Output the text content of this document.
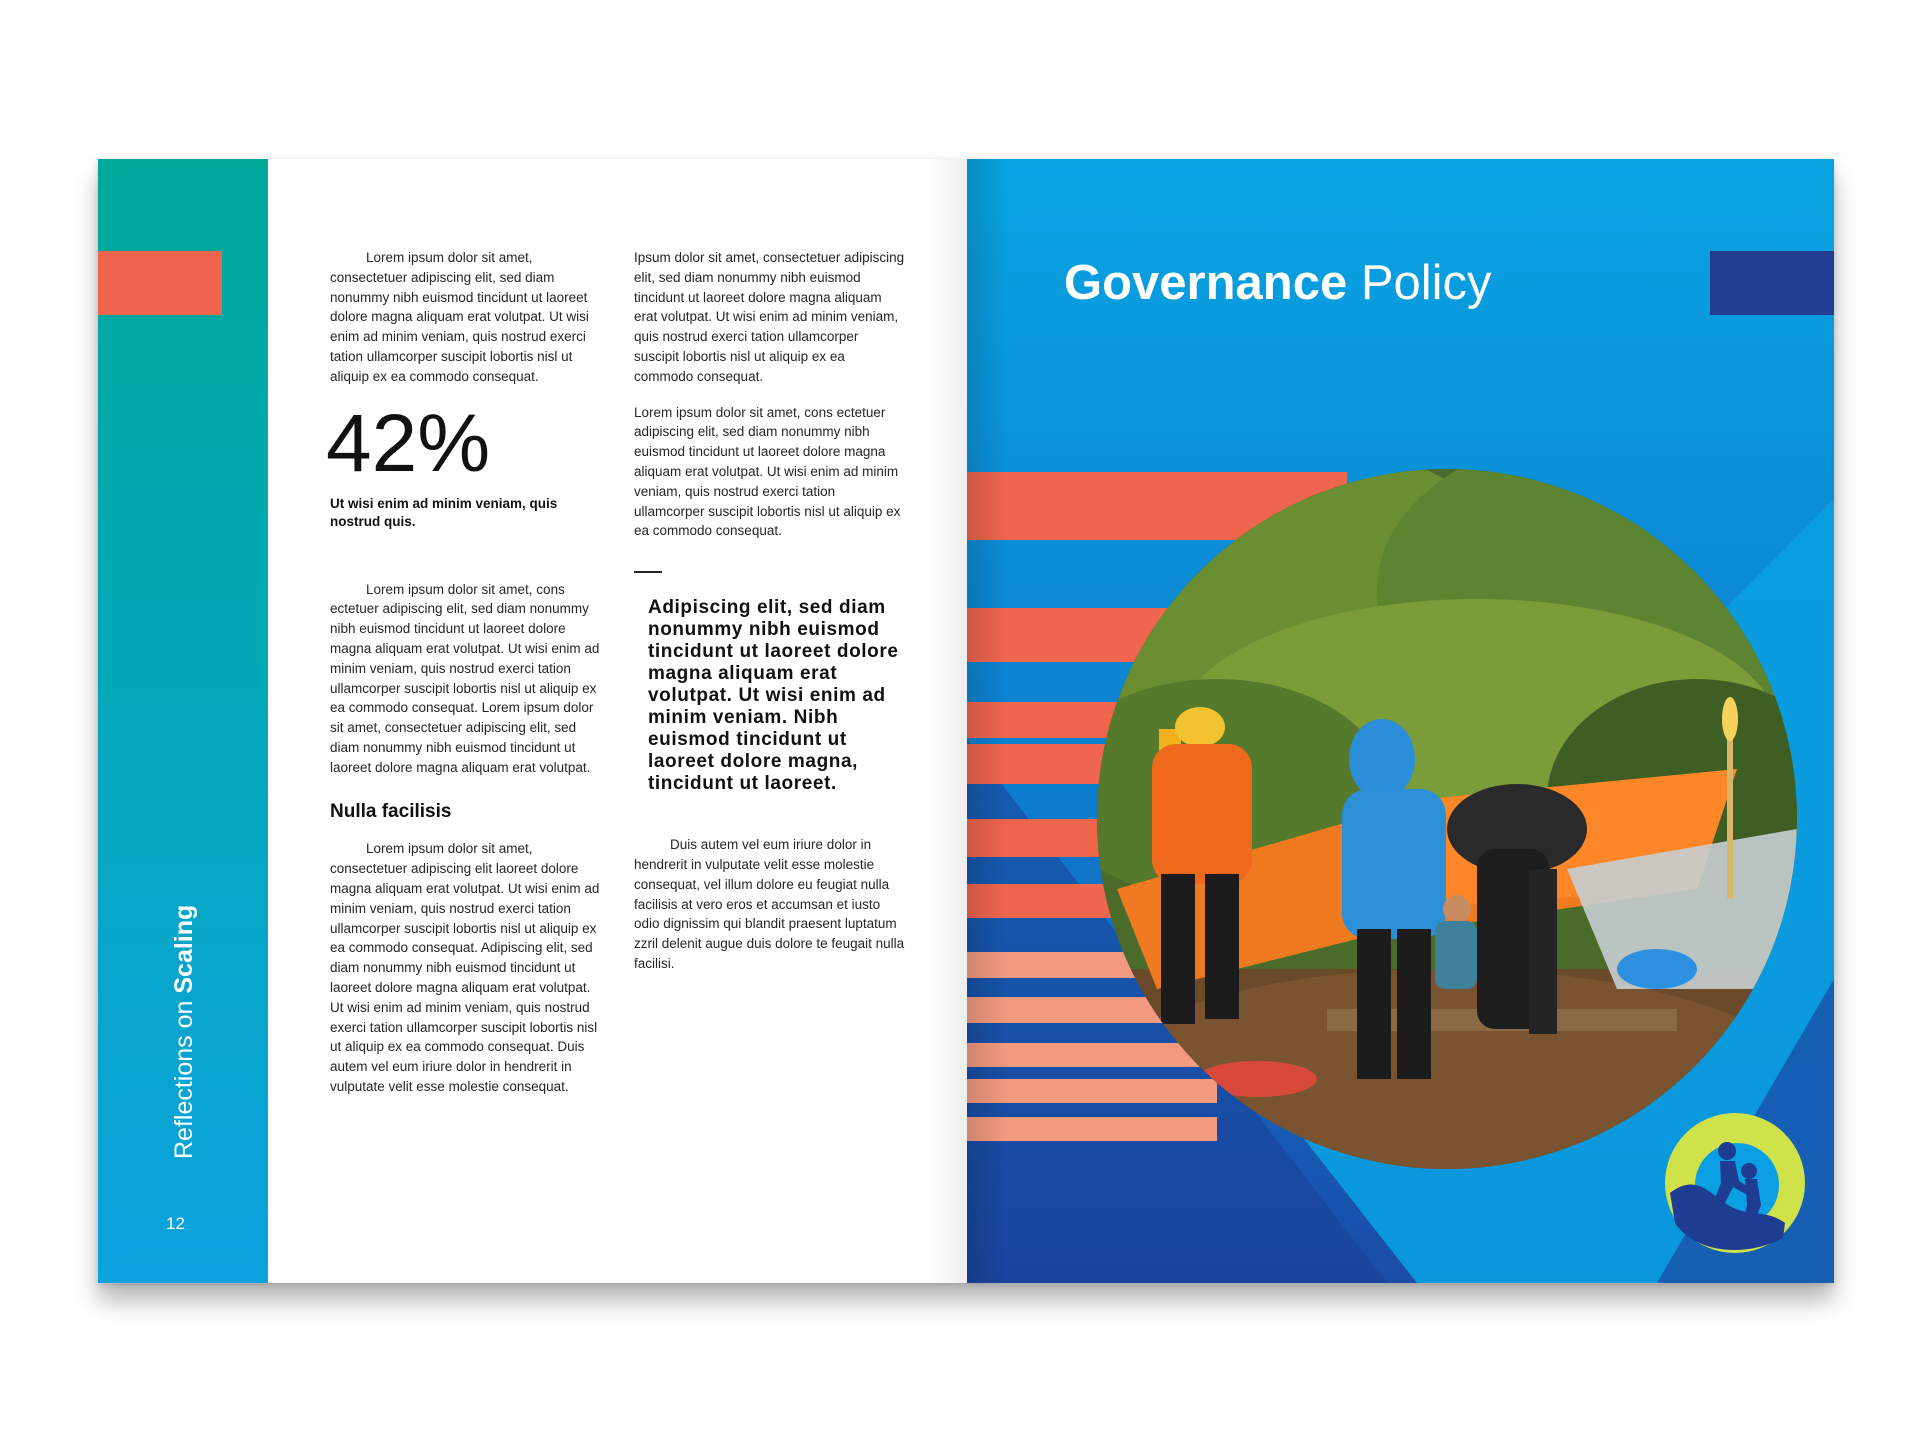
Reflections on Scaling
12

Lorem ipsum dolor sit amet, consectetuer adipiscing elit, sed diam nonummy nibh euismod tincidunt ut laoreet dolore magna aliquam erat volutpat. Ut wisi enim ad minim veniam, quis nostrud exerci tation ullamcorper suscipit lobortis nisl ut aliquip ex ea commodo consequat.

42%
Ut wisi enim ad minim veniam, quis nostrud quis.

Lorem ipsum dolor sit amet, cons ectetuer adipiscing elit, sed diam nonummy nibh euismod tincidunt ut laoreet dolore magna aliquam erat volutpat. Ut wisi enim ad minim veniam, quis nostrud exerci tation ullamcorper suscipit lobortis nisl ut aliquip ex ea commodo consequat. Lorem ipsum dolor sit amet, consectetuer adipiscing elit, sed diam nonummy nibh euismod tincidunt ut laoreet dolore magna aliquam erat volutpat.

Nulla facilisis

Lorem ipsum dolor sit amet, consectetuer adipiscing elit laoreet dolore magna aliquam erat volutpat. Ut wisi enim ad minim veniam, quis nostrud exerci tation ullamcorper suscipit lobortis nisl ut aliquip ex ea commodo consequat. Adipiscing elit, sed diam nonummy nibh euismod tincidunt ut laoreet dolore magna aliquam erat volutpat. Ut wisi enim ad minim veniam, quis nostrud exerci tation ullamcorper suscipit lobortis nisl ut aliquip ex ea commodo consequat. Duis autem vel eum iriure dolor in hendrerit in vulputate velit esse molestie consequat.

Ipsum dolor sit amet, consectetuer adipiscing elit, sed diam nonummy nibh euismod tincidunt ut laoreet dolore magna aliquam erat volutpat. Ut wisi enim ad minim veniam, quis nostrud exerci tation ullamcorper suscipit lobortis nisl ut aliquip ex ea commodo consequat.

Lorem ipsum dolor sit amet, cons ectetuer adipiscing elit, sed diam nonummy nibh euismod tincidunt ut laoreet dolore magna aliquam erat volutpat. Ut wisi enim ad minim veniam, quis nostrud exerci tation ullamcorper suscipit lobortis nisl ut aliquip ex ea commodo consequat.

Adipiscing elit, sed diam nonummy nibh euismod tincidunt ut laoreet dolore magna aliquam erat volutpat. Ut wisi enim ad minim veniam. Nibh euismod tincidunt ut laoreet dolore magna, tincidunt ut laoreet.

Duis autem vel eum iriure dolor in hendrerit in vulputate velit esse molestie consequat, vel illum dolore eu feugiat nulla facilisis at vero eros et accumsan et iusto odio dignissim qui blandit praesent luptatum zzril delenit augue duis dolore te feugait nulla facilisi.

Governance Policy
